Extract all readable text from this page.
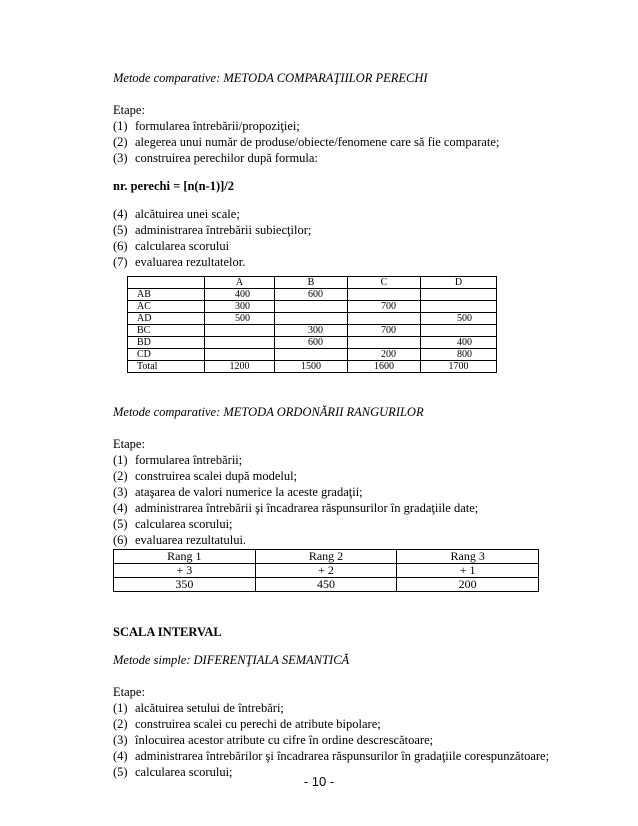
Metode comparative: METODA COMPARAŢIILOR PERECHI
Etape:
(1) formularea întrebării/propoziţiei;
(2) alegerea unui număr de produse/obiecte/fenomene care să fie comparate;
(3) construirea perechilor după formula:
nr. perechi = [n(n-1)]/2
(4) alcătuirea unei scale;
(5) administrarea întrebării subiecţilor;
(6) calcularea scorului
(7) evaluarea rezultatelor.
	A	B	C	D
AB	400	600		
AC	300		700	
AD	500			500
BC		300	700	
BD		600		400
CD			200	800
Total	1200	1500	1600	1700
Metode comparative: METODA ORDONĂRII RANGURILOR
Etape:
(1) formularea întrebării;
(2) construirea scalei după modelul;
(3) ataşarea de valori numerice la aceste gradaţii;
(4) administrarea întrebării şi încadrarea răspunsurilor în gradaţiile date;
(5) calcularea scorului;
(6) evaluarea rezultatului.
Rang 1	Rang 2	Rang 3
+ 3	+ 2	+ 1
350	450	200
SCALA INTERVAL
Metode simple: DIFERENŢIALA SEMANTICĂ
Etape:
(1) alcătuirea setului de întrebări;
(2) construirea scalei cu perechi de atribute bipolare;
(3) înlocuirea acestor atribute cu cifre în ordine descrescătoare;
(4) administrarea întrebărilor şi încadrarea răspunsurilor în gradaţiile corespunzătoare;
(5) calcularea scorului;
- 10 -
